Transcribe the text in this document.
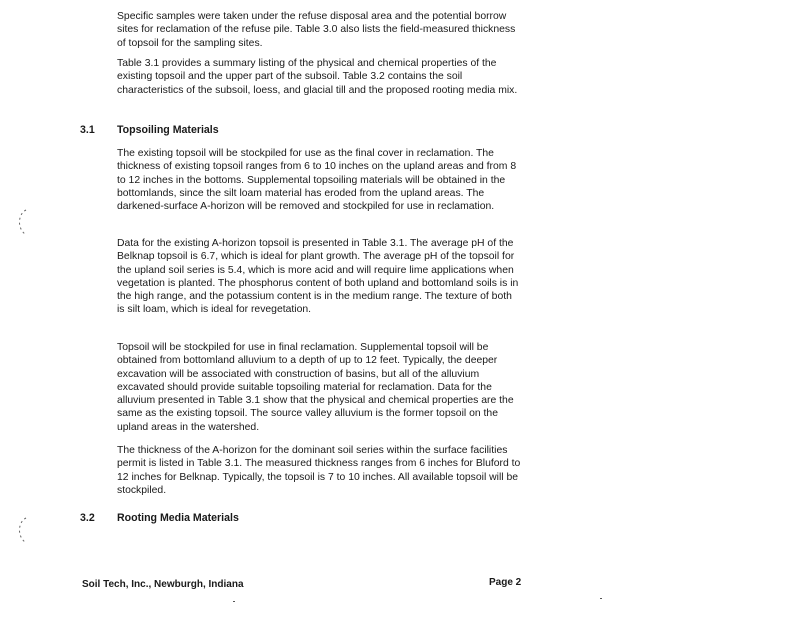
Specific samples were taken under the refuse disposal area and the potential borrow sites for reclamation of the refuse pile. Table 3.0 also lists the field-measured thickness of topsoil for the sampling sites.

Table 3.1 provides a summary listing of the physical and chemical properties of the existing topsoil and the upper part of the subsoil. Table 3.2 contains the soil characteristics of the subsoil, loess, and glacial till and the proposed rooting media mix.

3.1 Topsoiling Materials

The existing topsoil will be stockpiled for use as the final cover in reclamation. The thickness of existing topsoil ranges from 6 to 10 inches on the upland areas and from 8 to 12 inches in the bottoms. Supplemental topsoiling materials will be obtained in the bottomlands, since the silt loam material has eroded from the upland areas. The darkened-surface A-horizon will be removed and stockpiled for use in reclamation.

Data for the existing A-horizon topsoil is presented in Table 3.1. The average pH of the Belknap topsoil is 6.7, which is ideal for plant growth. The average pH of the topsoil for the upland soil series is 5.4, which is more acid and will require lime applications when vegetation is planted. The phosphorus content of both upland and bottomland soils is in the high range, and the potassium content is in the medium range. The texture of both is silt loam, which is ideal for revegetation.

Topsoil will be stockpiled for use in final reclamation. Supplemental topsoil will be obtained from bottomland alluvium to a depth of up to 12 feet. Typically, the deeper excavation will be associated with construction of basins, but all of the alluvium excavated should provide suitable topsoiling material for reclamation. Data for the alluvium presented in Table 3.1 show that the physical and chemical properties are the same as the existing topsoil. The source valley alluvium is the former topsoil on the upland areas in the watershed.

The thickness of the A-horizon for the dominant soil series within the surface facilities permit is listed in Table 3.1. The measured thickness ranges from 6 inches for Bluford to 12 inches for Belknap. Typically, the topsoil is 7 to 10 inches. All available topsoil will be stockpiled.

3.2 Rooting Media Materials
Soil Tech, Inc., Newburgh, Indiana	Page 2
